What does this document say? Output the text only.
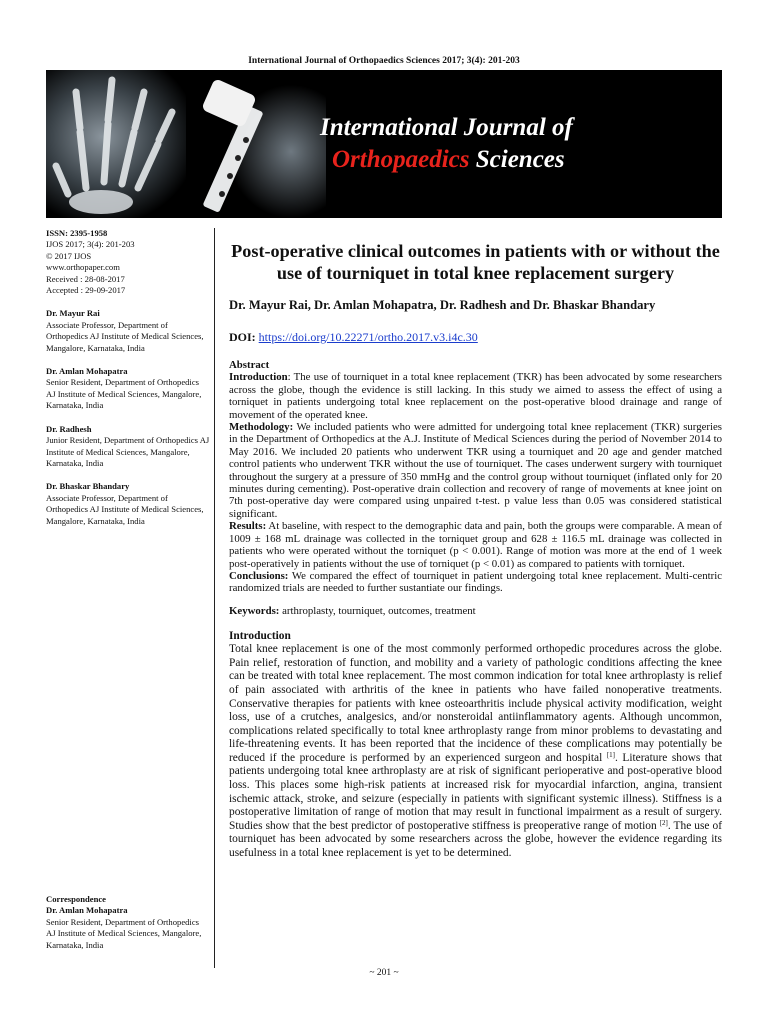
International Journal of Orthopaedics Sciences 2017; 3(4): 201-203
International Journal of
Orthopaedics Sciences
ISSN: 2395-1958
IJOS 2017; 3(4): 201-203
© 2017 IJOS
www.orthopaper.com
Received : 28-08-2017
Accepted : 29-09-2017
Dr. Mayur Rai
Associate Professor, Department of Orthopedics AJ Institute of Medical Sciences, Mangalore, Karnataka, India
Dr. Amlan Mohapatra
Senior Resident, Department of Orthopedics AJ Institute of Medical Sciences, Mangalore, Karnataka, India
Dr. Radhesh
Junior Resident, Department of Orthopedics AJ Institute of Medical Sciences, Mangalore, Karnataka, India
Dr. Bhaskar Bhandary
Associate Professor, Department of Orthopedics AJ Institute of Medical Sciences, Mangalore, Karnataka, India
Correspondence
Dr. Amlan Mohapatra
Senior Resident, Department of Orthopedics AJ Institute of Medical Sciences, Mangalore, Karnataka, India
Post-operative clinical outcomes in patients with or without the use of tourniquet in total knee replacement surgery
Dr. Mayur Rai, Dr. Amlan Mohapatra, Dr. Radhesh and Dr. Bhaskar Bhandary
DOI: https://doi.org/10.22271/ortho.2017.v3.i4c.30

Abstract

Introduction: The use of tourniquet in a total knee replacement (TKR) has been advocated by some researchers across the globe, though the evidence is still lacking. In this study we aimed to assess the effect of using a torniquet in patients undergoing total knee replacement on the post-operative blood drainage and range of movement of the operated knee.

Methodology: We included patients who were admitted for undergoing total knee replacement (TKR) surgeries in the Department of Orthopedics at the A.J. Institute of Medical Sciences during the period of November 2014 to May 2016. We included 20 patients who underwent TKR using a tourniquet and 20 age and gender matched control patients who underwent TKR without the use of tourniquet. The cases underwent surgery with tourniquet throughout the surgery at a pressure of 350 mmHg and the control group without tourniquet (inflated only for 20 minutes during cementing). Post-operative drain collection and recovery of range of movements at knee joint on 7th post-operative day were compared using unpaired t-test. p value less than 0.05 was considered statistical significant.

Results: At baseline, with respect to the demographic data and pain, both the groups were comparable. A mean of 1009 ± 168 mL drainage was collected in the torniquet group and 628 ± 116.5 mL drainage was collected in patients who were operated without the torniquet (p < 0.001). Range of motion was more at the end of 1 week post-operatively in patients without the use of torniquet (p < 0.01) as compared to patients with torniquet.

Conclusions: We compared the effect of tourniquet in patient undergoing total knee replacement. Multi-centric randomized trials are needed to further sustantiate our findings.

Keywords: arthroplasty, tourniquet, outcomes, treatment
Introduction
Total knee replacement is one of the most commonly performed orthopedic procedures across the globe. Pain relief, restoration of function, and mobility and a variety of pathologic conditions affecting the knee can be treated with total knee replacement. The most common indication for total knee arthroplasty is relief of pain associated with arthritis of the knee in patients who have failed nonoperative treatments. Conservative therapies for patients with knee osteoarthritis include physical activity modification, weight loss, use of a crutches, analgesics, and/or nonsteroidal antiinflammatory agents. Although uncommon, complications related specifically to total knee arthroplasty range from minor problems to devastating and life-threatening events. It has been reported that the incidence of these complications may potentially be reduced if the procedure is performed by an experienced surgeon and hospital [1]. Literature shows that patients undergoing total knee arthroplasty are at risk of significant perioperative and post-operative blood loss. This places some high-risk patients at increased risk for myocardial infarction, angina, transient ischemic attack, stroke, and seizure (especially in patients with significant systemic illness). Stiffness is a postoperative limitation of range of motion that may result in functional impairment as a result of surgery. Studies show that the best predictor of postoperative stiffness is preoperative range of motion [2]. The use of tourniquet has been advocated by some researchers across the globe, however the evidence regarding its usefulness in a total knee replacement is yet to be determined.
~ 201 ~
